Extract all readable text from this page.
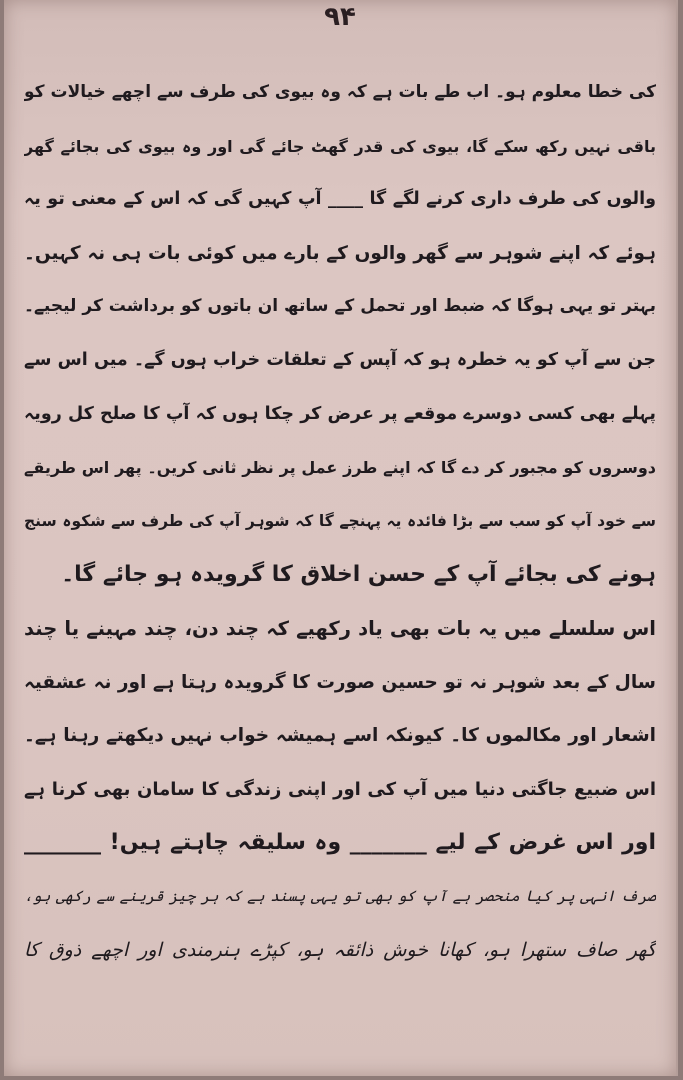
۹۴
کی خطا معلوم ہو۔ اب طے بات ہے کہ وہ بیوی کی طرف سے اچھے خیالات کو
باقی نہیں رکھ سکے گا، بیوی کی قدر گھٹ جائے گی اور وہ بیوی کی بجائے گھر
والوں کی طرف داری کرنے لگے گا ____ آپ کہیں گی کہ اس کے معنی تو یہ
ہوئے کہ اپنے شوہر سے گھر والوں کے بارے میں کوئی بات ہی نہ کہیں۔
بہتر تو یہی ہوگا کہ ضبط اور تحمل کے ساتھ ان باتوں کو برداشت کر لیجیے۔
جن سے آپ کو یہ خطرہ ہو کہ آپس کے تعلقات خراب ہوں گے۔ میں اس سے
پہلے بھی کسی دوسرے موقعے پر عرض کر چکا ہوں کہ آپ کا صلح کل رویہ
دوسروں کو مجبور کر دے گا کہ اپنے طرز عمل پر نظر ثانی کریں۔ پھر اس طریقے
سے خود آپ کو سب سے بڑا فائدہ یہ پہنچے گا کہ شوہر آپ کی طرف سے شکوہ سنج
ہونے کی بجائے آپ کے حسن اخلاق کا گرویدہ ہو جائے گا۔
اس سلسلے میں یہ بات بھی یاد رکھیے کہ چند دن، چند مہینے یا چند
سال کے بعد شوہر نہ تو حسین صورت کا گرویدہ رہتا ہے اور نہ عشقیہ
اشعار اور مکالموں کا۔ کیونکہ اسے ہمیشہ خواب نہیں دیکھتے رہنا ہے۔
اس ضبیع جاگتی دنیا میں آپ کی اور اپنی زندگی کا سامان بھی کرنا ہے
اور اس غرض کے لیے _______ وہ سلیقہ چاہتے ہیں! _______
صرف انہی پر کیا منحصر ہے آپ کو بھی تو یہی پسند ہے کہ ہر چیز قرینے سے رکھی ہو،
گھر صاف ستھرا ہو، کھانا خوش ذائقہ ہو، کپڑے ہنرمندی اور اچھے ذوق کا
